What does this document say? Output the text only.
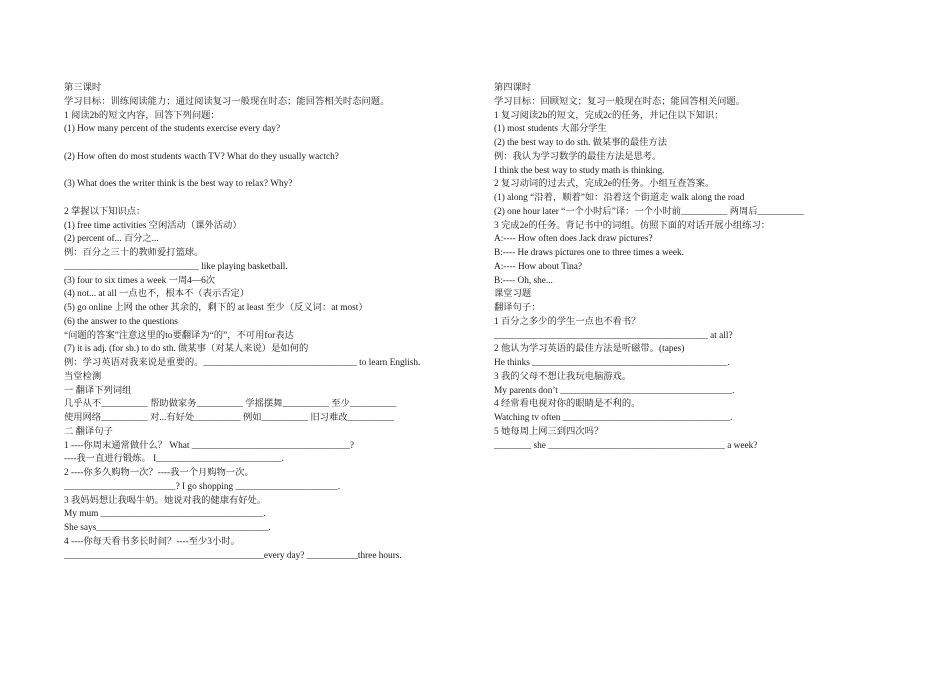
第三课时
学习目标：训练阅读能力；通过阅读复习一般现在时态；能回答相关时态问题。
1 阅读2b的短文内容，回答下列问题：
(1) How many percent of the students exercise every day?
(2) How often do most students wacth TV? What do they usually wactch?
(3) What does the writer think is the best way to relax? Why?
2 掌握以下知识点：
(1) free time activities 空闲活动（课外活动）
(2) percent of... 百分之...
例：百分之三十的教师爱打篮球。
_____________________________ like playing basketball.
(3) four to six times a week 一周4—6次
(4) not... at all 一点也不，根本不（表示否定）
(5) go online 上网 the other 其余的，剩下的 at least 至少（反义词：at most）
(6) the answer to the questions
“问题的答案”注意这里的to要翻译为“的”，不可用for表达
(7) it is adj. (for sb.) to do sth. 做某事（对某人来说）是如何的
例：学习英语对我来说是重要的。_________________________________ to learn English.
当堂检测
一 翻译下列词组
几乎从不__________ 帮助做家务__________ 学摇摆舞__________ 至少__________
使用网络__________ 对...有好处__________ 例如__________ 旧习难改__________
二 翻译句子
1 ----你周末通常做什么？ What __________________________________?
----我一直进行锻炼。 I___________________________.
2 ----你多久购物一次？----我一个月购物一次。
________________________? I go shopping ______________________.
3 我妈妈想让我喝牛奶。她说对我的健康有好处。
My mum ___________________________________.
She says_____________________________________.
4 ----你每天看书多长时间？----至少3小时。
___________________________________________every day? ___________three hours.
第四课时
学习目标：回顾短文；复习一般现在时态；能回答相关问题。
1 复习阅读2b的短文，完成2c的任务，并记住以下知识：
(1) most students 大部分学生
(2) the best way to do sth. 做某事的最佳方法
例：我认为学习数学的最佳方法是思考。
I think the best way to study math is thinking.
2 复习动词的过去式，完成2e的任务。小组互查答案。
(1) along “沿着，顺着”如：沿着这个街道走 walk along the road
(2) one hour later “一个小时后”译：一个小时前__________ 两周后__________
3 完成2e的任务。背记书中的词组。仿照下面的对话开展小组练习：
A:---- How often does Jack draw pictures?
B:---- He draws pictures one to three times a week.
A:---- How about Tina?
B:---- Oh, she...
课堂习题
翻译句子：
1 百分之多少的学生一点也不看书？
______________________________________________ at all?
2 他认为学习英语的最佳方法是听磁带。(tapes)
He thinks __________________________________________.
3 我的父母不想让我玩电脑游戏。
My parents don’t _____________________________________.
4 经常看电视对你的眼睛是不利的。
Watching tv often ____________________________________.
5 她每周上网三到四次吗？
________ she ______________________________________ a week?
